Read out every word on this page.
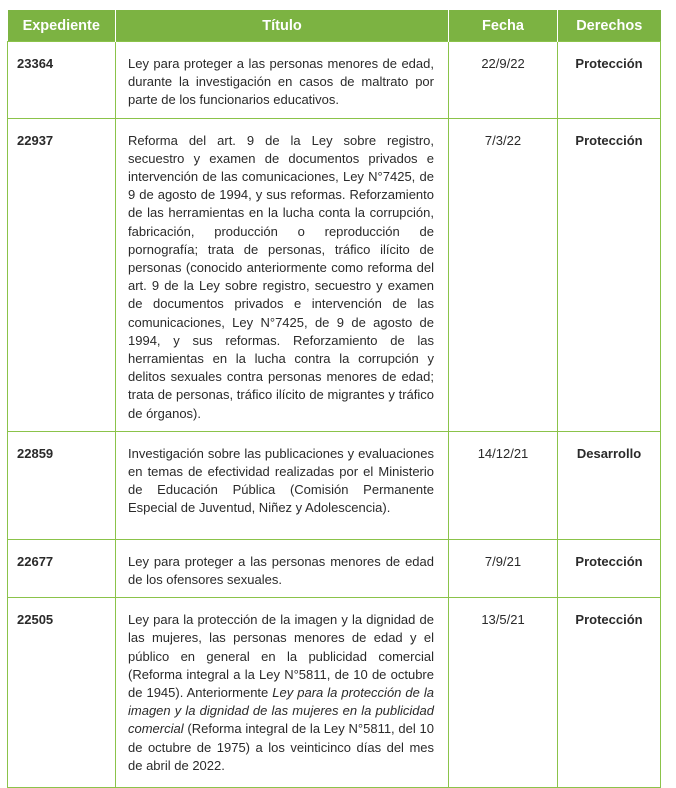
Expediente	Título	Fecha	Derechos
23364	Ley para proteger a las personas menores de edad, durante la investigación en casos de maltrato por parte de los funcionarios educativos.	22/9/22	Protección
22937	Reforma del art. 9 de la Ley sobre registro, secuestro y examen de documentos privados e intervención de las comunicaciones, Ley N°7425, de 9 de agosto de 1994, y sus reformas. Reforzamiento de las herramientas en la lucha conta la corrupción, fabricación, producción o reproducción de pornografía; trata de personas, tráfico ilícito de personas (conocido anteriormente como reforma del art. 9 de la Ley sobre registro, secuestro y examen de documentos privados e intervención de las comunicaciones, Ley N°7425, de 9 de agosto de 1994, y sus reformas. Reforzamiento de las herramientas en la lucha contra la corrupción y delitos sexuales contra personas menores de edad; trata de personas, tráfico ilícito de migrantes y tráfico de órganos).	7/3/22	Protección
22859	Investigación sobre las publicaciones y evaluaciones en temas de efectividad realizadas por el Ministerio de Educación Pública (Comisión Permanente Especial de Juventud, Niñez y Adolescencia).	14/12/21	Desarrollo
22677	Ley para proteger a las personas menores de edad de los ofensores sexuales.	7/9/21	Protección
22505	Ley para la protección de la imagen y la dignidad de las mujeres, las personas menores de edad y el público en general en la publicidad comercial (Reforma integral a la Ley N°5811, de 10 de octubre de 1945). Anteriormente Ley para la protección de la imagen y la dignidad de las mujeres en la publicidad comercial (Reforma integral de la Ley N°5811, del 10 de octubre de 1975) a los veinticinco días del mes de abril de 2022.	13/5/21	Protección
